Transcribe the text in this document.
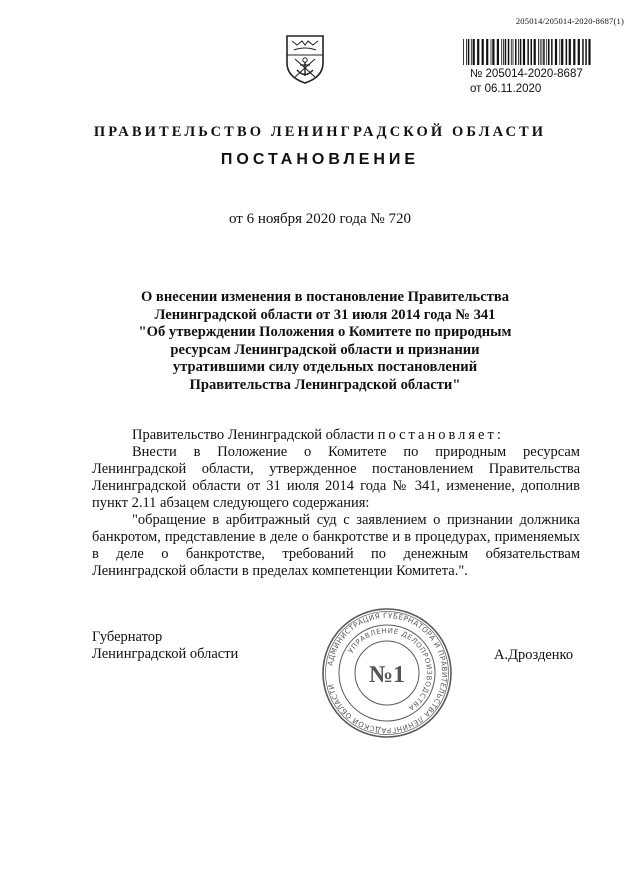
205014/205014-2020-8687(1)
№ 205014-2020-8687
от 06.11.2020
ПРАВИТЕЛЬСТВО ЛЕНИНГРАДСКОЙ ОБЛАСТИ
ПОСТАНОВЛЕНИЕ
от 6 ноября 2020 года № 720
О внесении изменения в постановление Правительства
Ленинградской области от 31 июля 2014 года № 341
"Об утверждении Положения о Комитете по природным
ресурсам Ленинградской области и признании
утратившими силу отдельных постановлений
Правительства Ленинградской области"
Правительство Ленинградской области постановляет:
Внести в Положение о Комитете по природным ресурсам Ленинградской области, утвержденное постановлением Правительства Ленинградской области от 31 июля 2014 года № 341, изменение, дополнив пункт 2.11 абзацем следующего содержания:
"обращение в арбитражный суд с заявлением о признании должника банкротом, представление в деле о банкротстве и в процедурах, применяемых в деле о банкротстве, требований по денежным обязательствам Ленинградской области в пределах компетенции Комитета.".
Губернатор
Ленинградской области	А.Дрозденко
АДМИНИСТРАЦИЯ ГУБЕРНАТОРА И ПРАВИТЕЛЬСТВА ЛЕНИНГРАДСКОЙ ОБЛАСТИ
УПРАВЛЕНИЕ ДЕЛОПРОИЗВОДСТВА
№1
